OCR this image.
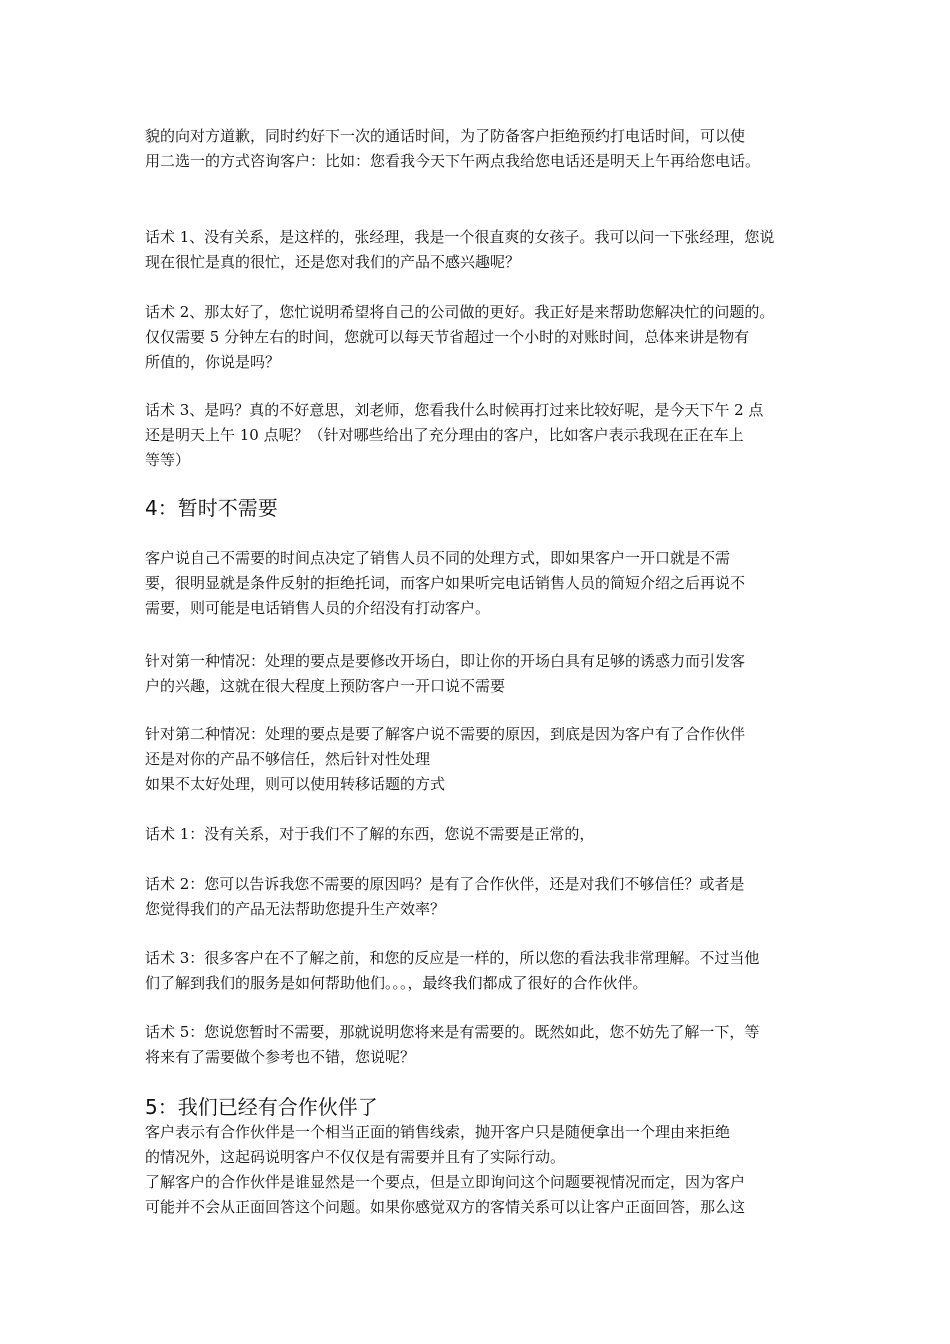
貌的向对方道歉，同时约好下一次的通话时间，为了防备客户拒绝预约打电话时间，可以使
用二选一的方式咨询客户：比如：您看我今天下午两点我给您电话还是明天上午再给您电话。

话术 1、没有关系，是这样的，张经理，我是一个很直爽的女孩子。我可以问一下张经理，您说
现在很忙是真的很忙，还是您对我们的产品不感兴趣呢？

话术 2、那太好了，您忙说明希望将自己的公司做的更好。我正好是来帮助您解决忙的问题的。
仅仅需要 5 分钟左右的时间，您就可以每天节省超过一个小时的对账时间，总体来讲是物有
所值的，你说是吗？

话术 3、是吗？真的不好意思，刘老师，您看我什么时候再打过来比较好呢，是今天下午 2 点
还是明天上午 10 点呢？（针对哪些给出了充分理由的客户，比如客户表示我现在正在车上
等等）

4：暂时不需要

客户说自己不需要的时间点决定了销售人员不同的处理方式，即如果客户一开口就是不需
要，很明显就是条件反射的拒绝托词，而客户如果听完电话销售人员的简短介绍之后再说不
需要，则可能是电话销售人员的介绍没有打动客户。

针对第一种情况：处理的要点是要修改开场白，即让你的开场白具有足够的诱惑力而引发客
户的兴趣，这就在很大程度上预防客户一开口说不需要

针对第二种情况：处理的要点是要了解客户说不需要的原因，到底是因为客户有了合作伙伴
还是对你的产品不够信任，然后针对性处理
如果不太好处理，则可以使用转移话题的方式

话术 1：没有关系，对于我们不了解的东西，您说不需要是正常的，

话术 2：您可以告诉我您不需要的原因吗？是有了合作伙伴，还是对我们不够信任？或者是
您觉得我们的产品无法帮助您提升生产效率？

话术 3：很多客户在不了解之前，和您的反应是一样的，所以您的看法我非常理解。不过当他
们了解到我们的服务是如何帮助他们。。。，最终我们都成了很好的合作伙伴。

话术 5：您说您暂时不需要，那就说明您将来是有需要的。既然如此，您不妨先了解一下，等
将来有了需要做个参考也不错，您说呢？

5：我们已经有合作伙伴了

客户表示有合作伙伴是一个相当正面的销售线索，抛开客户只是随便拿出一个理由来拒绝
的情况外，这起码说明客户不仅仅是有需要并且有了实际行动。
了解客户的合作伙伴是谁显然是一个要点，但是立即询问这个问题要视情况而定，因为客户
可能并不会从正面回答这个问题。如果你感觉双方的客情关系可以让客户正面回答，那么这
